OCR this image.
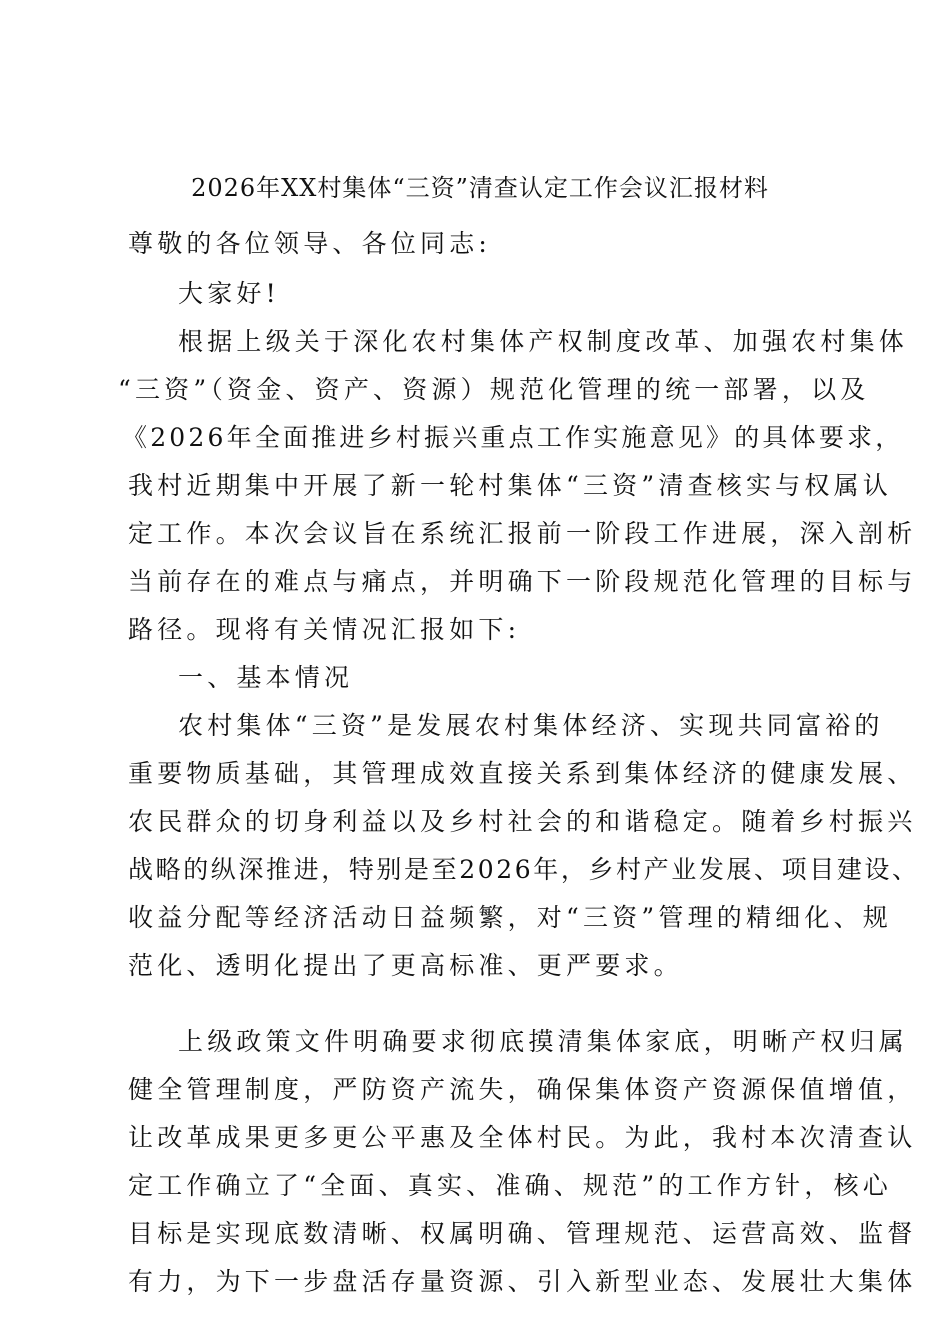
2026年XX村集体“三资”清查认定工作会议汇报材料
尊敬的各位领导、各位同志:
大家好!
根据上级关于深化农村集体产权制度改革、加强农村集体
“三资”（资金、资产、资源）规范化管理的统一部署，以及
《2026年全面推进乡村振兴重点工作实施意见》的具体要求，
我村近期集中开展了新一轮村集体“三资”清查核实与权属认
定工作。本次会议旨在系统汇报前一阶段工作进展，深入剖析
当前存在的难点与痛点，并明确下一阶段规范化管理的目标与
路径。现将有关情况汇报如下:
一、基本情况
农村集体“三资”是发展农村集体经济、实现共同富裕的
重要物质基础，其管理成效直接关系到集体经济的健康发展、
农民群众的切身利益以及乡村社会的和谐稳定。随着乡村振兴
战略的纵深推进，特别是至2026年，乡村产业发展、项目建设、
收益分配等经济活动日益频繁，对“三资”管理的精细化、规
范化、透明化提出了更高标准、更严要求。
上级政策文件明确要求彻底摸清集体家底，明晰产权归属
健全管理制度，严防资产流失，确保集体资产资源保值增值，
让改革成果更多更公平惠及全体村民。为此，我村本次清查认
定工作确立了“全面、真实、准确、规范”的工作方针，核心
目标是实现底数清晰、权属明确、管理规范、运营高效、监督
有力，为下一步盘活存量资源、引入新型业态、发展壮大集体
